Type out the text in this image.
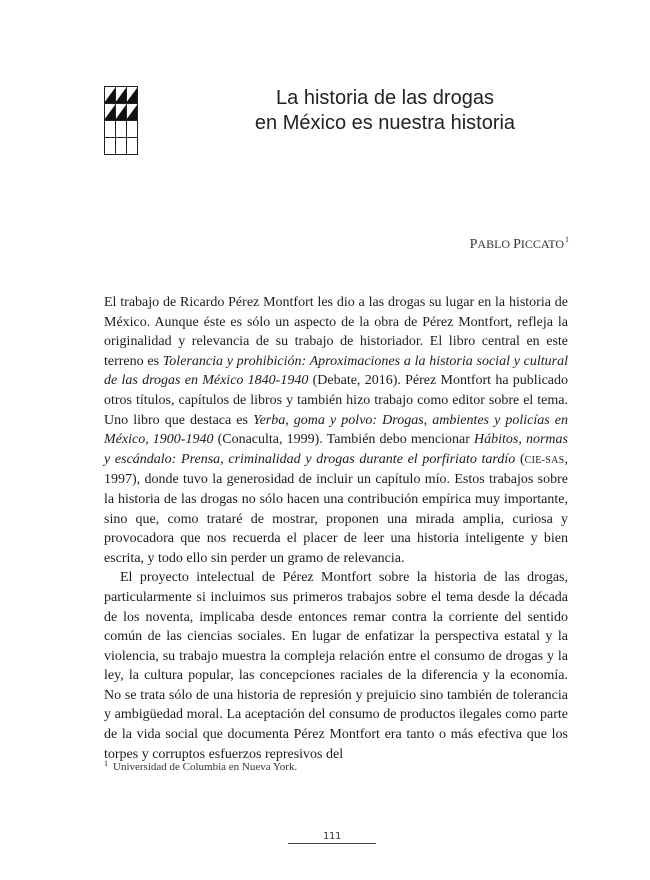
La historia de las drogas
en México es nuestra historia
PABLO PICCATO$^1$

El trabajo de Ricardo Pérez Montfort les dio a las drogas su lugar en la historia de México. Aunque éste es sólo un aspecto de la obra de Pérez Montfort, refleja la originalidad y relevancia de su trabajo de historiador. El libro central en este terreno es Tolerancia y prohibición: Aproximaciones a la historia social y cultural de las drogas en México 1840-1940 (Debate, 2016). Pérez Montfort ha publicado otros títulos, capítulos de libros y también hizo trabajo como editor sobre el tema. Uno libro que destaca es Yerba, goma y polvo: Drogas, ambientes y policías en México, 1900-1940 (Conaculta, 1999). También debo mencionar Hábitos, normas y escándalo: Prensa, criminalidad y drogas durante el porfiriato tardío (CIE-SAS, 1997), donde tuvo la generosidad de incluir un capítulo mío. Estos trabajos sobre la historia de las drogas no sólo hacen una contribución empírica muy importante, sino que, como trataré de mostrar, proponen una mirada amplia, curiosa y provocadora que nos recuerda el placer de leer una historia inteligente y bien escrita, y todo ello sin perder un gramo de relevancia.

El proyecto intelectual de Pérez Montfort sobre la historia de las drogas, particularmente si incluimos sus primeros trabajos sobre el tema desde la década de los noventa, implicaba desde entonces remar contra la corriente del sentido común de las ciencias sociales. En lugar de enfatizar la perspectiva estatal y la violencia, su trabajo muestra la compleja relación entre el consumo de drogas y la ley, la cultura popular, las concepciones raciales de la diferencia y la economía. No se trata sólo de una historia de represión y prejuicio sino también de tolerancia y ambigüedad moral. La aceptación del consumo de productos ilegales como parte de la vida social que documenta Pérez Montfort era tanto o más efectiva que los torpes y corruptos esfuerzos represivos del

$^1$ Universidad de Columbia en Nueva York.
111
